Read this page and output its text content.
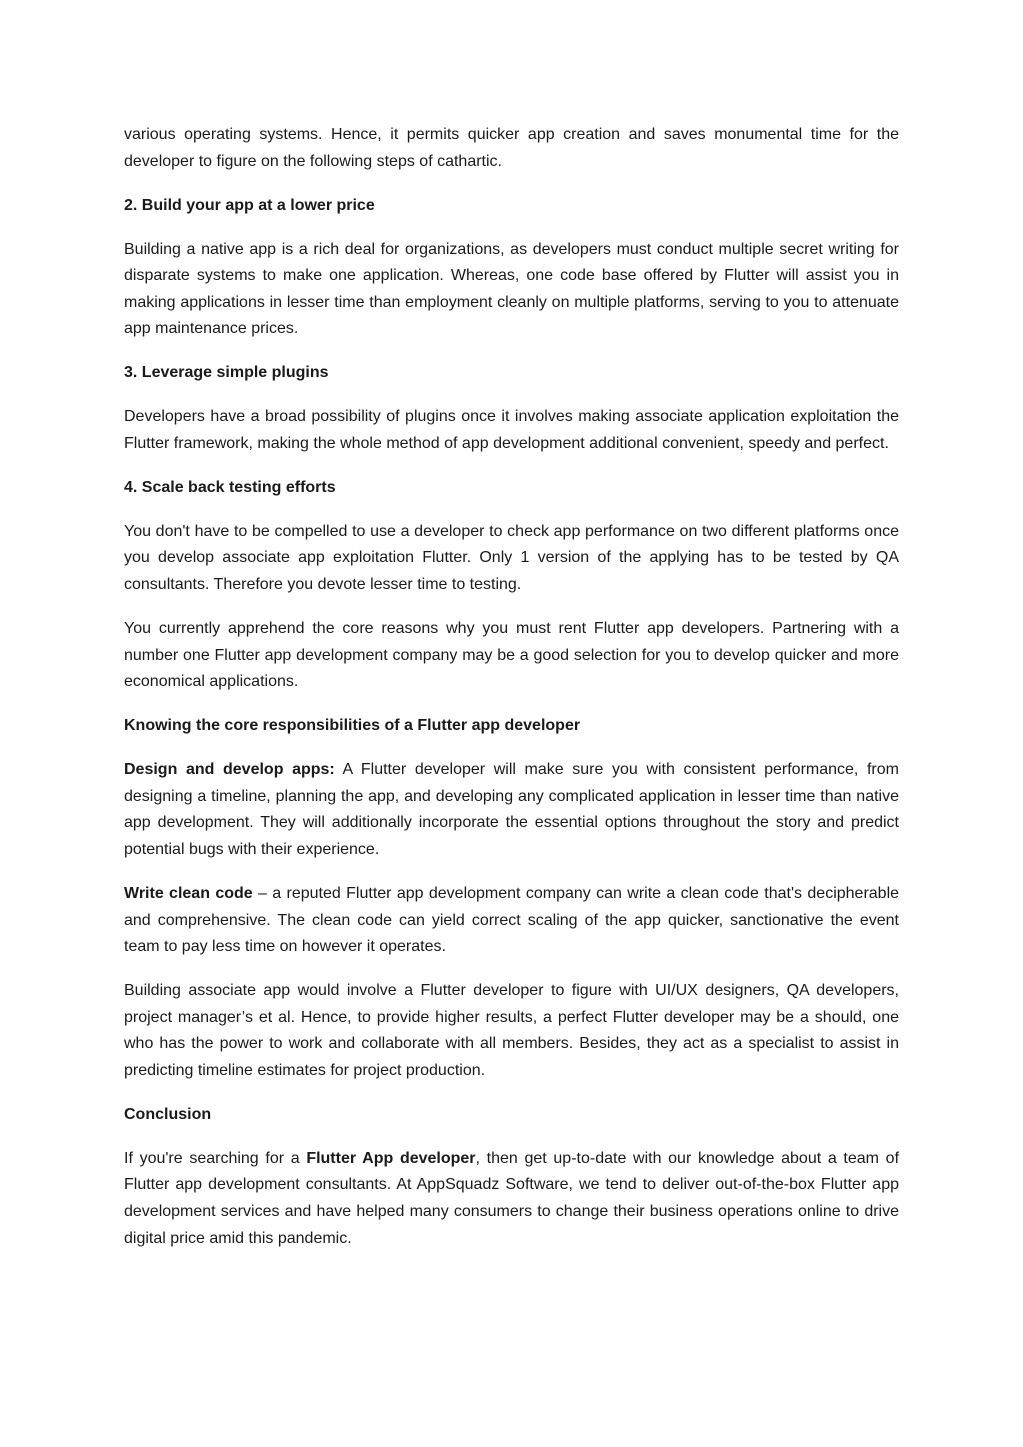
various operating systems. Hence, it permits quicker app creation and saves monumental time for the developer to figure on the following steps of cathartic.

2. Build your app at a lower price

Building a native app is a rich deal for organizations, as developers must conduct multiple secret writing for disparate systems to make one application. Whereas, one code base offered by Flutter will assist you in making applications in lesser time than employment cleanly on multiple platforms, serving to you to attenuate app maintenance prices.

3. Leverage simple plugins

Developers have a broad possibility of plugins once it involves making associate application exploitation the Flutter framework, making the whole method of app development additional convenient, speedy and perfect.

4. Scale back testing efforts

You don't have to be compelled to use a developer to check app performance on two different platforms once you develop associate app exploitation Flutter. Only 1 version of the applying has to be tested by QA consultants. Therefore you devote lesser time to testing.

You currently apprehend the core reasons why you must rent Flutter app developers. Partnering with a number one Flutter app development company may be a good selection for you to develop quicker and more economical applications.

Knowing the core responsibilities of a Flutter app developer

Design and develop apps: A Flutter developer will make sure you with consistent performance, from designing a timeline, planning the app, and developing any complicated application in lesser time than native app development. They will additionally incorporate the essential options throughout the story and predict potential bugs with their experience.

Write clean code – a reputed Flutter app development company can write a clean code that's decipherable and comprehensive. The clean code can yield correct scaling of the app quicker, sanctionative the event team to pay less time on however it operates.

Building associate app would involve a Flutter developer to figure with UI/UX designers, QA developers, project manager’s et al. Hence, to provide higher results, a perfect Flutter developer may be a should, one who has the power to work and collaborate with all members. Besides, they act as a specialist to assist in predicting timeline estimates for project production.

Conclusion

If you're searching for a Flutter App developer, then get up-to-date with our knowledge about a team of Flutter app development consultants. At AppSquadz Software, we tend to deliver out-of-the-box Flutter app development services and have helped many consumers to change their business operations online to drive digital price amid this pandemic.
